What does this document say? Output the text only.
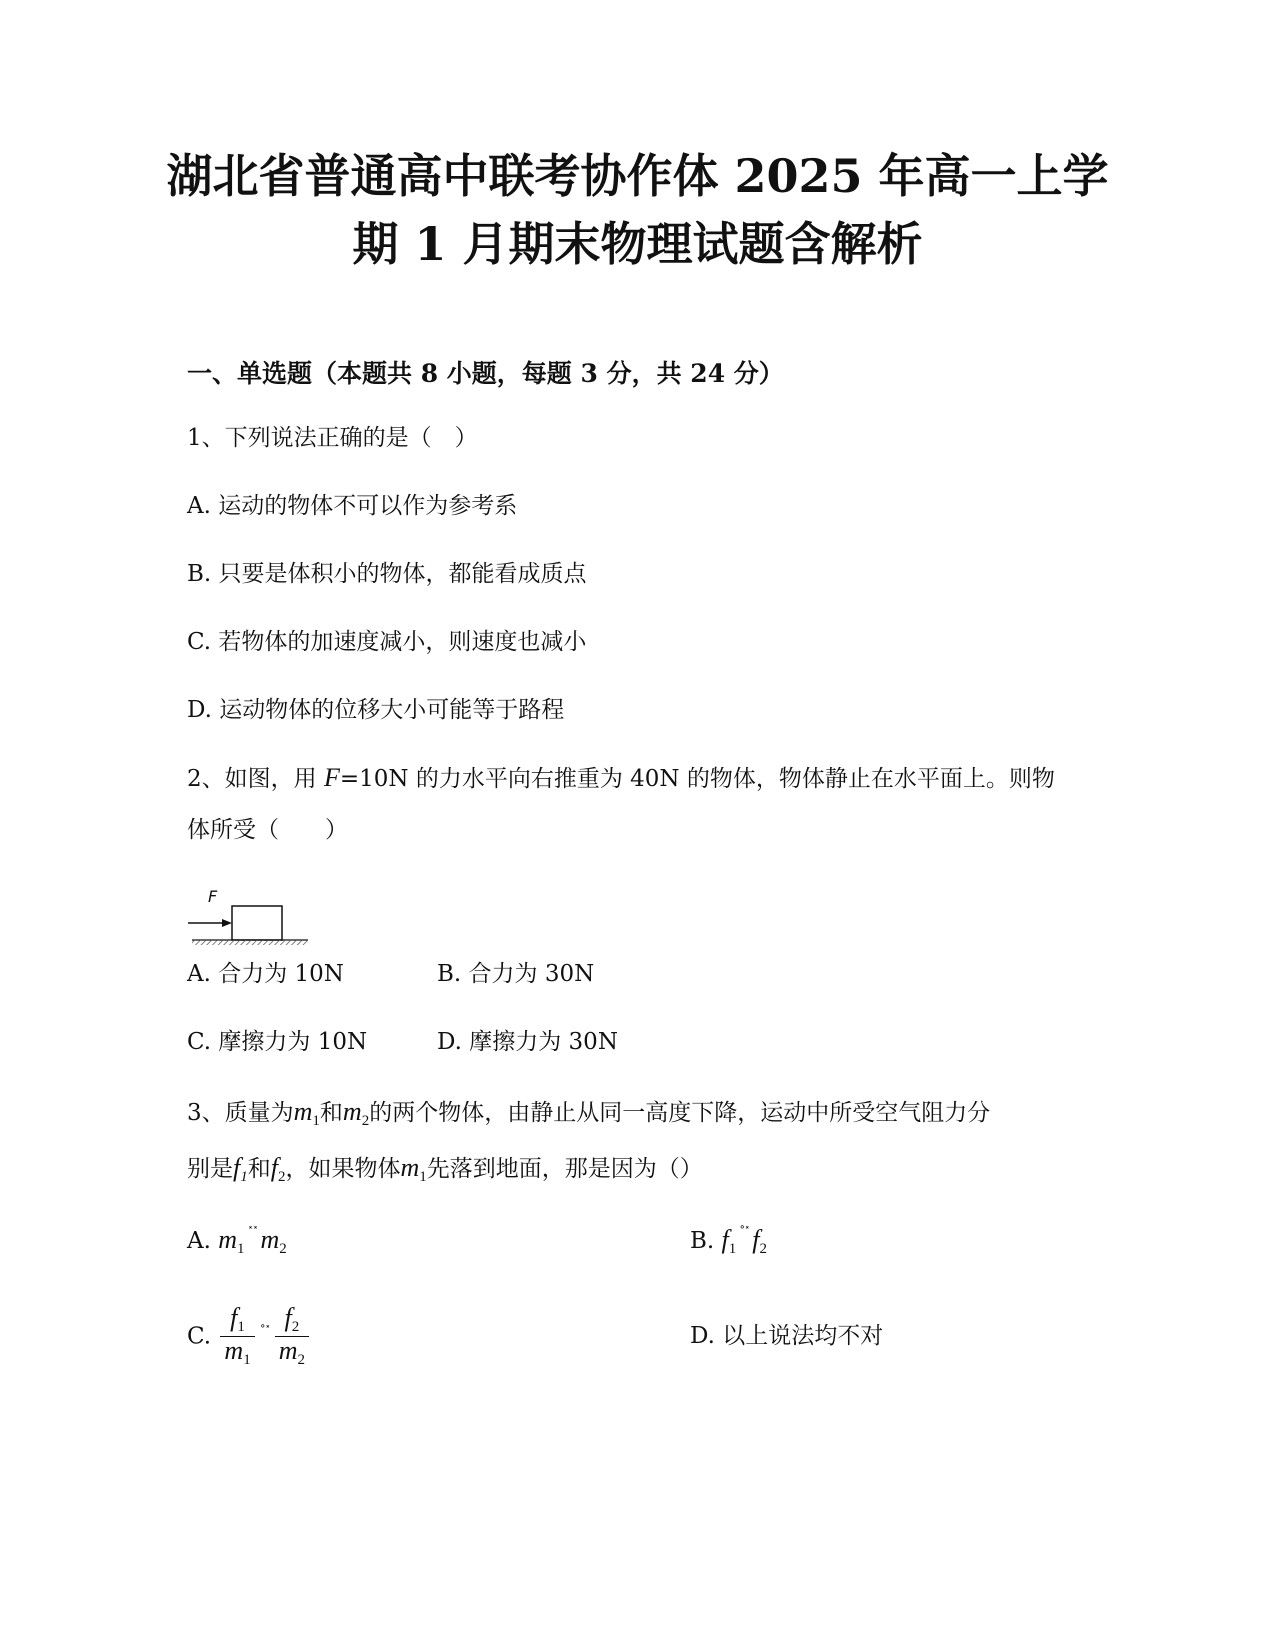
湖北省普通高中联考协作体 2025 年高一上学
期 1 月期末物理试题含解析
一、单选题（本题共 8 小题，每题 3 分，共 24 分）
1、下列说法正确的是（　）
A. 运动的物体不可以作为参考系
B. 只要是体积小的物体，都能看成质点
C. 若物体的加速度减小，则速度也减小
D. 运动物体的位移大小可能等于路程
2、如图，用 F=10N 的力水平向右推重为 40N 的物体，物体静止在水平面上。则物
体所受（　　）
F
A. 合力为 10N	B. 合力为 30N
C. 摩擦力为 10N	D. 摩擦力为 30N
3、质量为m1和m2的两个物体，由静止从同一高度下降，运动中所受空气阻力分
别是f1和f2，如果物体m1先落到地面，那是因为（）
A. m1˟˟ m2	B. f1˚˟ f2
C. $\frac{f1}{m1} ^{˚˟} \frac{f2}{m2}$	D. 以上说法均不对
